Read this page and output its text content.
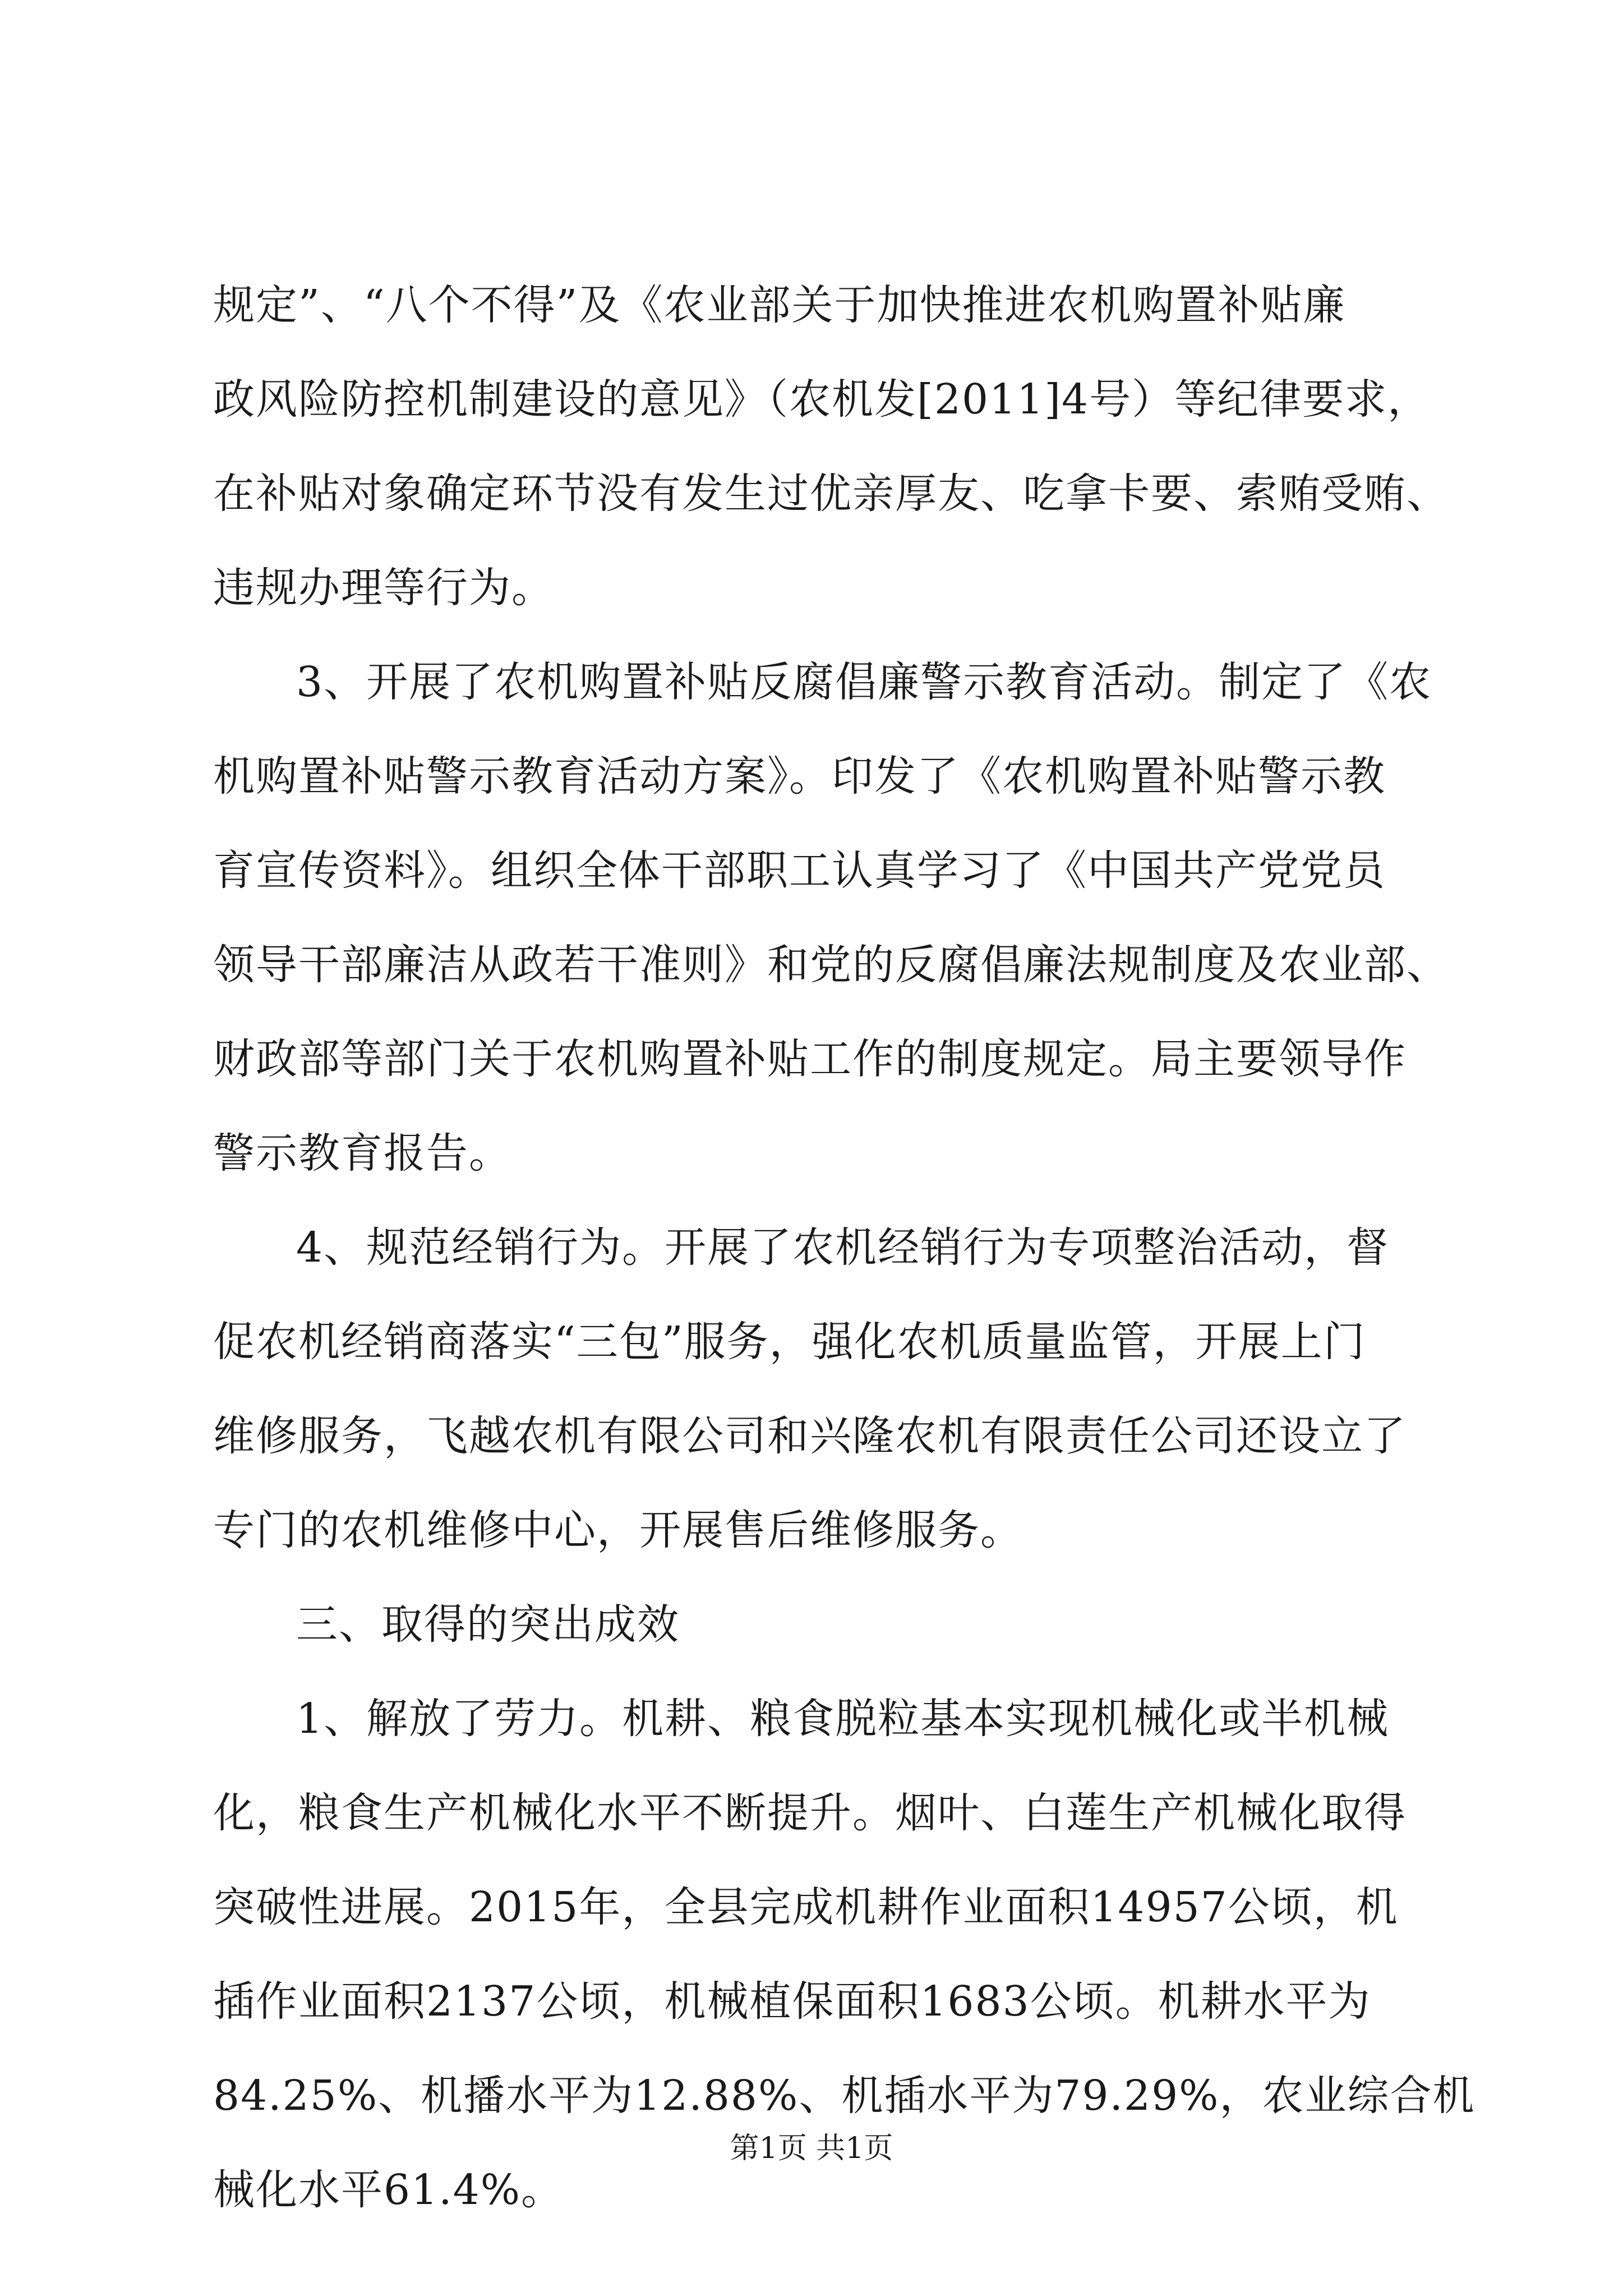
规定”、“八个不得”及《农业部关于加快推进农机购置补贴廉
政风险防控机制建设的意见》（农机发[2011]4号）等纪律要求，
在补贴对象确定环节没有发生过优亲厚友、吃拿卡要、索贿受贿、
违规办理等行为。
3、开展了农机购置补贴反腐倡廉警示教育活动。制定了《农
机购置补贴警示教育活动方案》。印发了《农机购置补贴警示教
育宣传资料》。组织全体干部职工认真学习了《中国共产党党员
领导干部廉洁从政若干准则》和党的反腐倡廉法规制度及农业部、
财政部等部门关于农机购置补贴工作的制度规定。局主要领导作
警示教育报告。
4、规范经销行为。开展了农机经销行为专项整治活动，督
促农机经销商落实“三包”服务，强化农机质量监管，开展上门
维修服务，飞越农机有限公司和兴隆农机有限责任公司还设立了
专门的农机维修中心，开展售后维修服务。
三、取得的突出成效
1、解放了劳力。机耕、粮食脱粒基本实现机械化或半机械
化，粮食生产机械化水平不断提升。烟叶、白莲生产机械化取得
突破性进展。2015年，全县完成机耕作业面积14957公顷，机
插作业面积2137公顷，机械植保面积1683公顷。机耕水平为
84.25%、机播水平为12.88%、机插水平为79.29%，农业综合机
械化水平61.4%。
第1页 共1页
